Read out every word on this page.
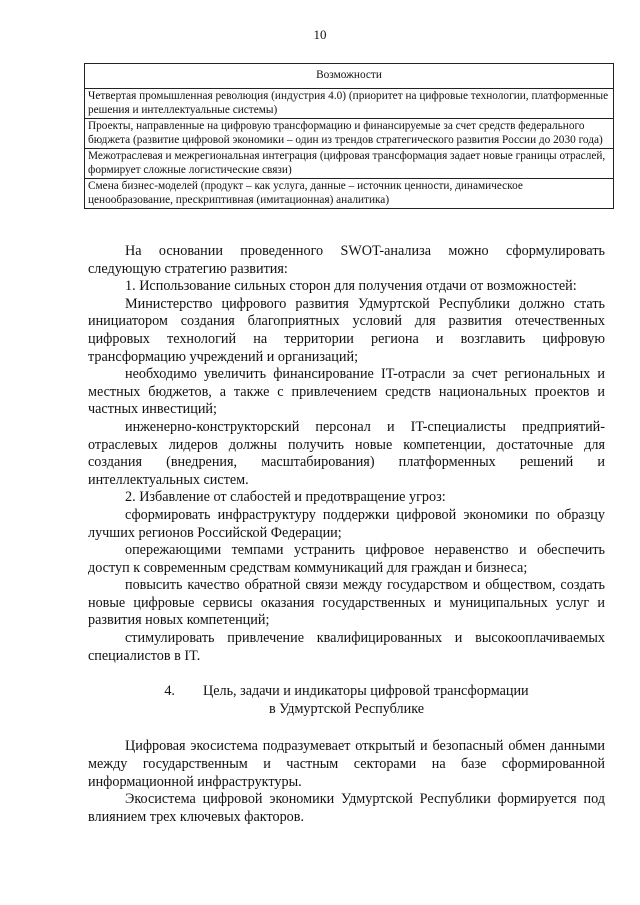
10
Возможности
Четвертая промышленная революция (индустрия 4.0) (приоритет на цифровые технологии, платформенные решения и интеллектуальные системы)
Проекты, направленные на цифровую трансформацию и финансируемые за счет средств федерального бюджета (развитие цифровой экономики – один из трендов стратегического развития России до 2030 года)
Межотраслевая и межрегиональная интеграция (цифровая трансформация задает новые границы отраслей, формирует сложные логистические связи)
Смена бизнес-моделей (продукт – как услуга, данные – источник ценности, динамическое ценообразование, прескриптивная (имитационная) аналитика)

На основании проведенного SWOT-анализа можно сформулировать следующую стратегию развития:

1. Использование сильных сторон для получения отдачи от возможностей:

Министерство цифрового развития Удмуртской Республики должно стать инициатором создания благоприятных условий для развития отечественных цифровых технологий на территории региона и возглавить цифровую трансформацию учреждений и организаций;

необходимо увеличить финансирование IT-отрасли за счет региональных и местных бюджетов, а также с привлечением средств национальных проектов и частных инвестиций;

инженерно-конструкторский персонал и IT-специалисты предприятий-отраслевых лидеров должны получить новые компетенции, достаточные для создания (внедрения, масштабирования) платформенных решений и интеллектуальных систем.

2. Избавление от слабостей и предотвращение угроз:

сформировать инфраструктуру поддержки цифровой экономики по образцу лучших регионов Российской Федерации;

опережающими темпами устранить цифровое неравенство и обеспечить доступ к современным средствам коммуникаций для граждан и бизнеса;

повысить качество обратной связи между государством и обществом, создать новые цифровые сервисы оказания государственных и муниципальных услуг и развития новых компетенций;

стимулировать привлечение квалифицированных и высокооплачиваемых специалистов в IT.

4. Цель, задачи и индикаторы цифровой трансформации
в Удмуртской Республике

Цифровая экосистема подразумевает открытый и безопасный обмен данными между государственным и частным секторами на базе сформированной информационной инфраструктуры.

Экосистема цифровой экономики Удмуртской Республики формируется под влиянием трех ключевых факторов.
